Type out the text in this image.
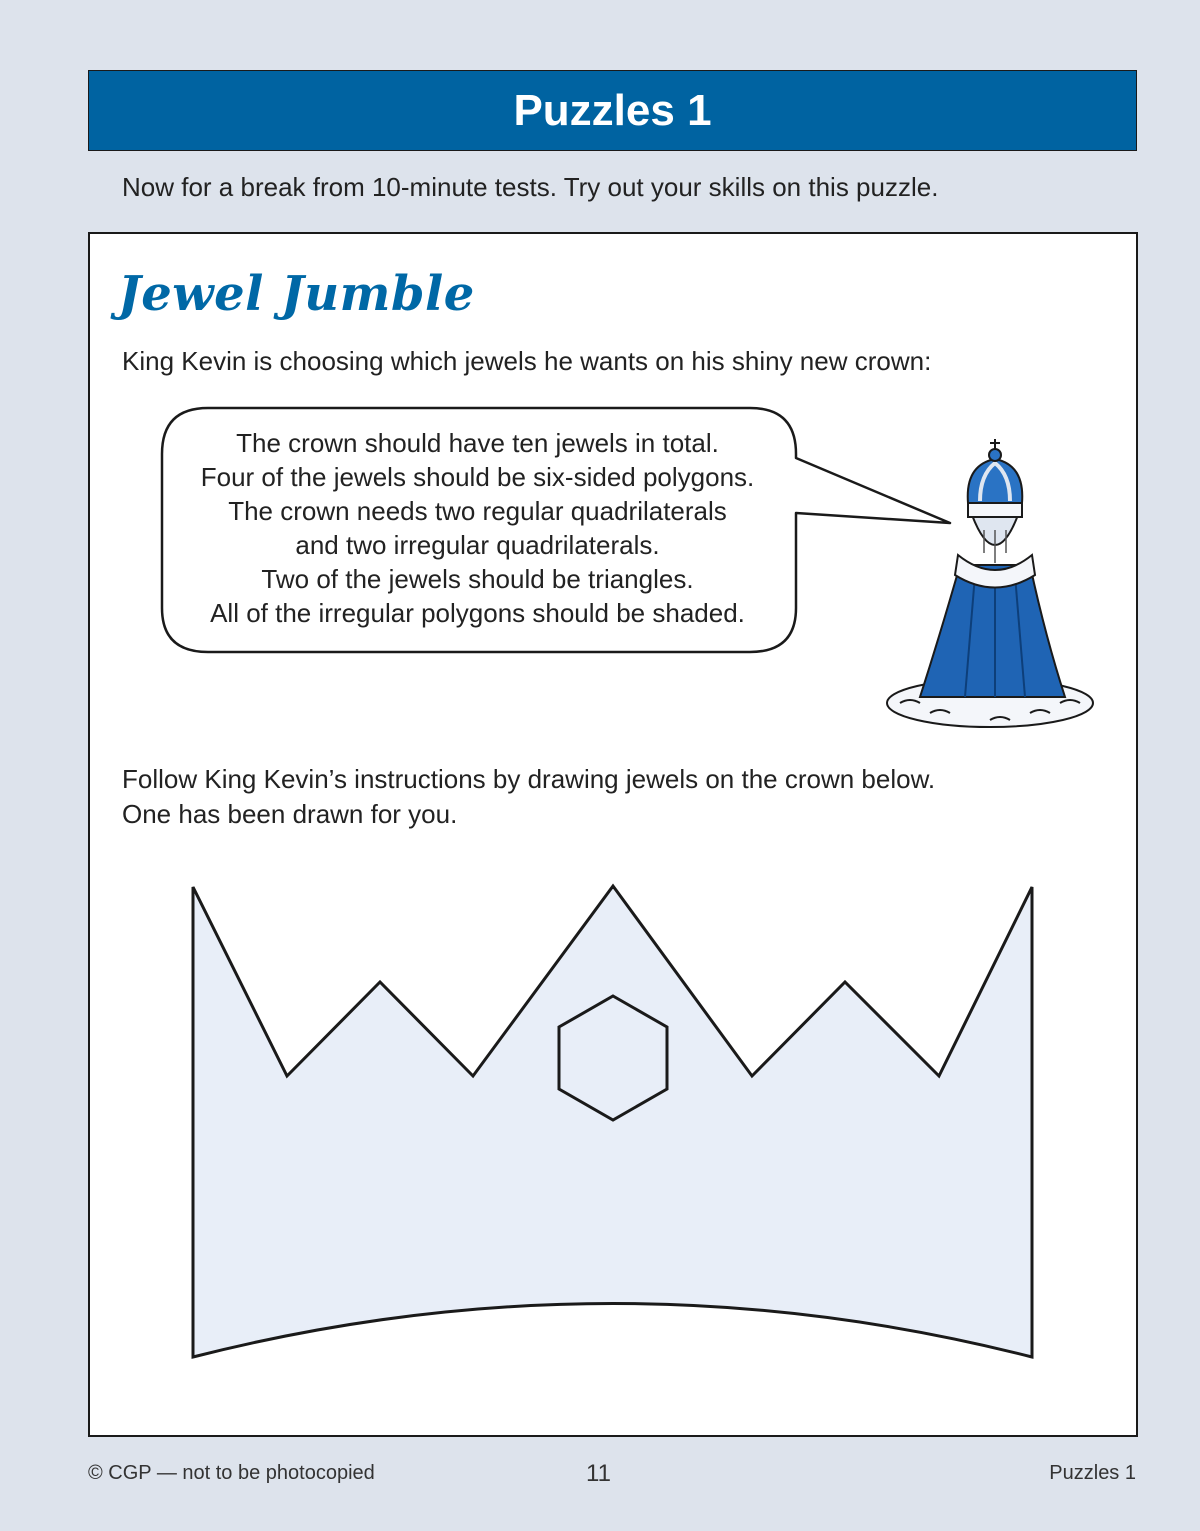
Puzzles 1
Now for a break from 10-minute tests. Try out your skills on this puzzle.
Jewel Jumble
King Kevin is choosing which jewels he wants on his shiny new crown:
The crown should have ten jewels in total.
Four of the jewels should be six-sided polygons.
The crown needs two regular quadrilaterals
and two irregular quadrilaterals.
Two of the jewels should be triangles.
All of the irregular polygons should be shaded.
Follow King Kevin’s instructions by drawing jewels on the crown below.
One has been drawn for you.
© CGP — not to be photocopied	11	Puzzles 1
